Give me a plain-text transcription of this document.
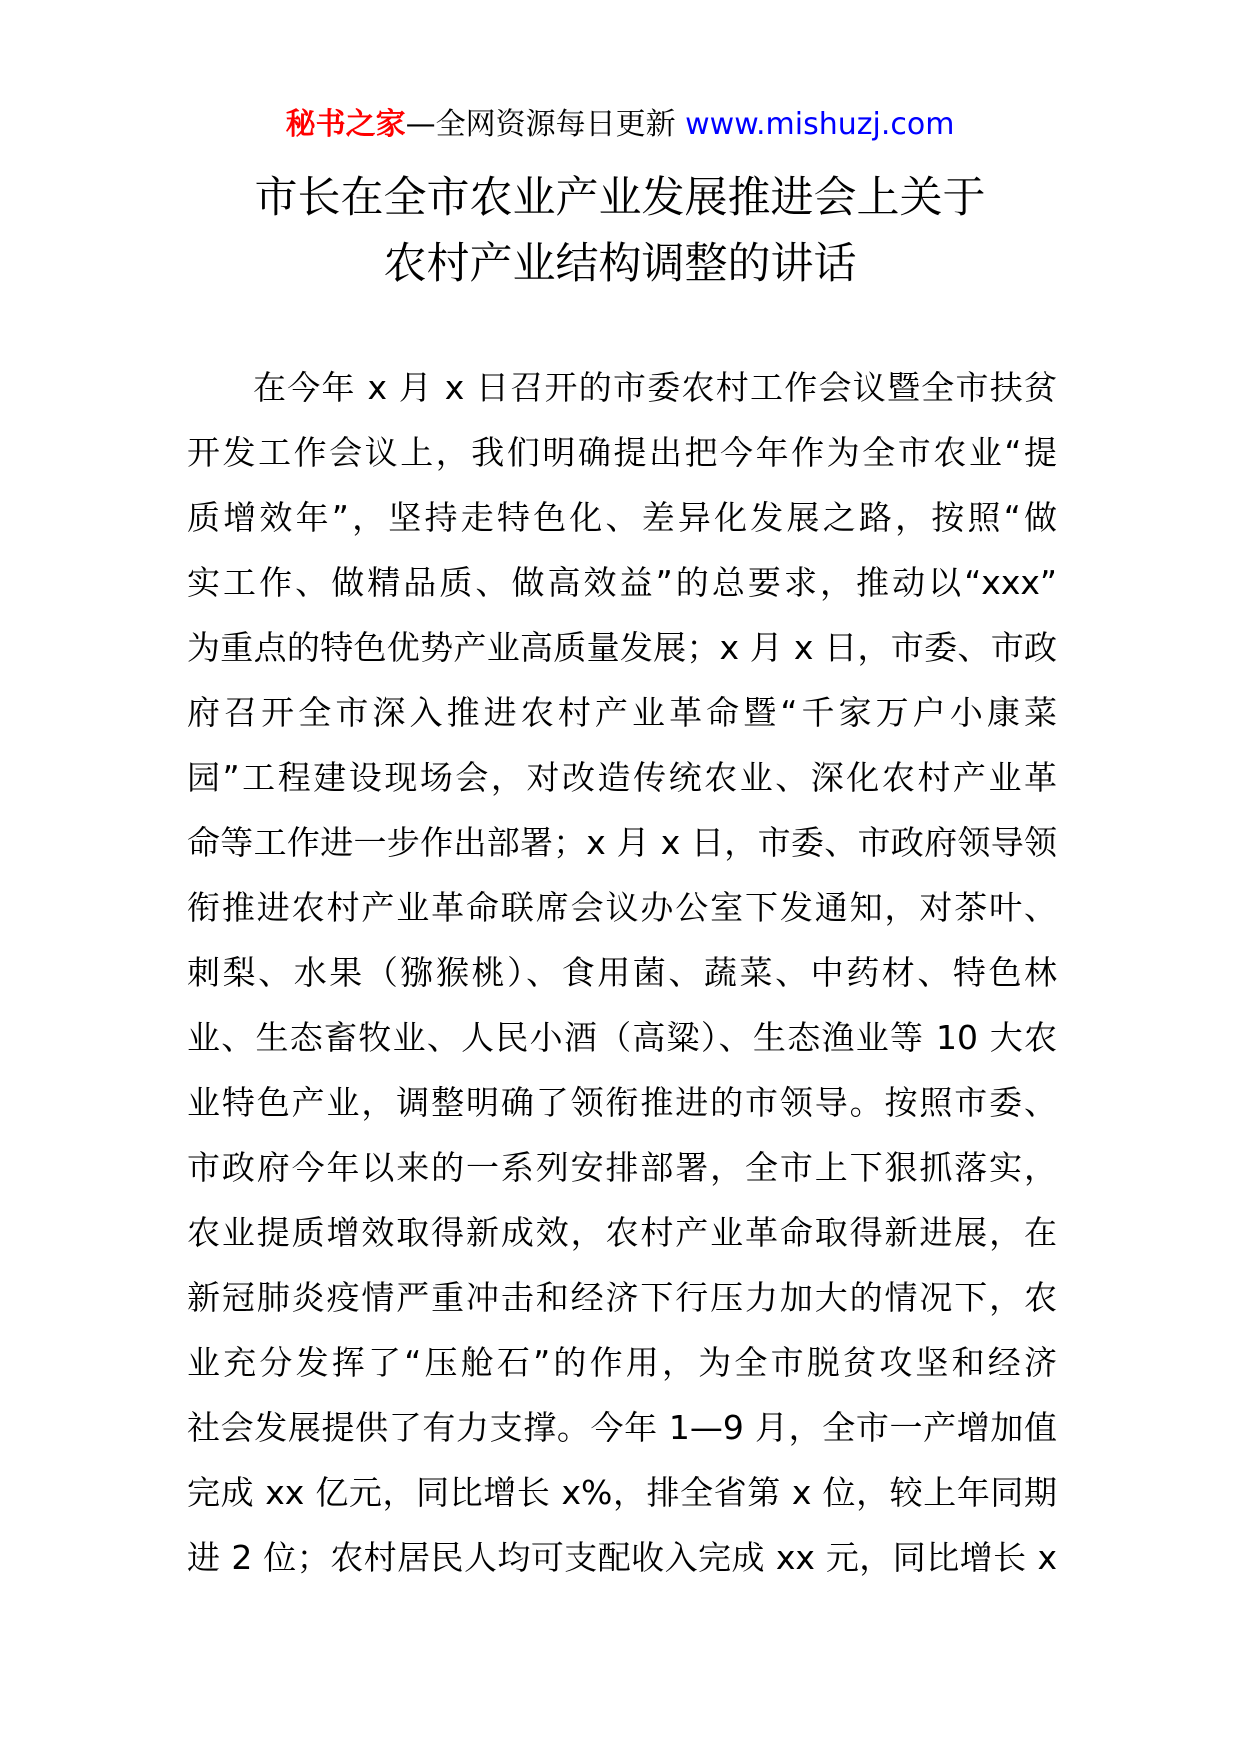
秘书之家—全网资源每日更新 www.mishuzj.com
市长在全市农业产业发展推进会上关于
农村产业结构调整的讲话
在今年 x 月 x 日召开的市委农村工作会议暨全市扶贫
开发工作会议上，我们明确提出把今年作为全市农业“提
质增效年”，坚持走特色化、差异化发展之路，按照“做
实工作、做精品质、做高效益”的总要求，推动以“xxx”
为重点的特色优势产业高质量发展；x 月 x 日，市委、市政
府召开全市深入推进农村产业革命暨“千家万户小康菜
园”工程建设现场会，对改造传统农业、深化农村产业革
命等工作进一步作出部署；x 月 x 日，市委、市政府领导领
衔推进农村产业革命联席会议办公室下发通知，对茶叶、
刺梨、水果（猕猴桃）、食用菌、蔬菜、中药材、特色林
业、生态畜牧业、人民小酒（高粱）、生态渔业等 10 大农
业特色产业，调整明确了领衔推进的市领导。按照市委、
市政府今年以来的一系列安排部署，全市上下狠抓落实，
农业提质增效取得新成效，农村产业革命取得新进展，在
新冠肺炎疫情严重冲击和经济下行压力加大的情况下，农
业充分发挥了“压舱石”的作用，为全市脱贫攻坚和经济
社会发展提供了有力支撑。今年 1—9 月，全市一产增加值
完成 xx 亿元，同比增长 x%，排全省第 x 位，较上年同期
进 2 位；农村居民人均可支配收入完成 xx 元，同比增长 x
